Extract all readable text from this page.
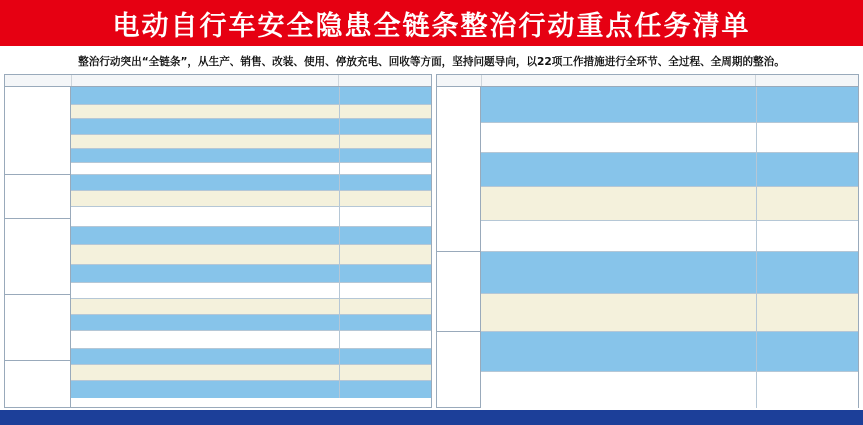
电动自行车安全隐患全链条整治行动重点任务清单
整治行动突出“全链条”，从生产、销售、改装、使用、停放充电、回收等方面，坚持问题导向，以22项工作措施进行全环节、全过程、全周期的整治。
